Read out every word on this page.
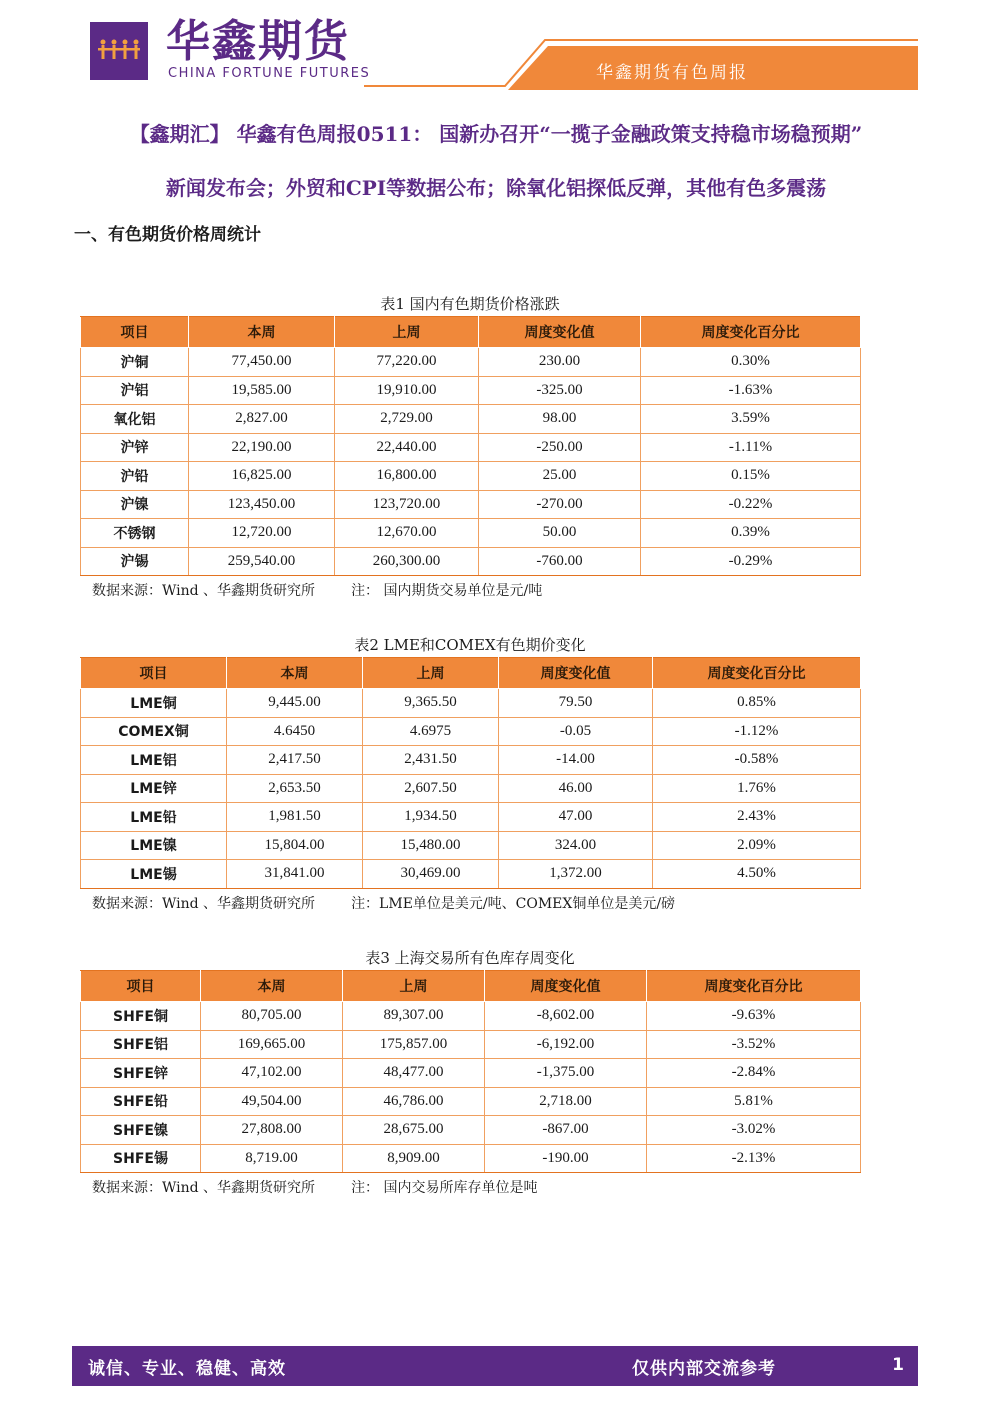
华鑫期货
CHINA FORTUNE FUTURES	华鑫期货有色周报
【鑫期汇】 华鑫有色周报0511： 国新办召开“一揽子金融政策支持稳市场稳预期”
新闻发布会；外贸和CPI等数据公布；除氧化铝探低反弹，其他有色多震荡
一、有色期货价格周统计
表1 国内有色期货价格涨跌
项目	本周	上周	周度变化值	周度变化百分比
沪铜	77,450.00	77,220.00	230.00	0.30%
沪铝	19,585.00	19,910.00	-325.00	-1.63%
氧化铝	2,827.00	2,729.00	98.00	3.59%
沪锌	22,190.00	22,440.00	-250.00	-1.11%
沪铅	16,825.00	16,800.00	25.00	0.15%
沪镍	123,450.00	123,720.00	-270.00	-0.22%
不锈钢	12,720.00	12,670.00	50.00	0.39%
沪锡	259,540.00	260,300.00	-760.00	-0.29%
数据来源：Wind 、华鑫期货研究所	注： 国内期货交易单位是元/吨
表2 LME和COMEX有色期价变化
项目	本周	上周	周度变化值	周度变化百分比
LME铜	9,445.00	9,365.50	79.50	0.85%
COMEX铜	4.6450	4.6975	-0.05	-1.12%
LME铝	2,417.50	2,431.50	-14.00	-0.58%
LME锌	2,653.50	2,607.50	46.00	1.76%
LME铅	1,981.50	1,934.50	47.00	2.43%
LME镍	15,804.00	15,480.00	324.00	2.09%
LME锡	31,841.00	30,469.00	1,372.00	4.50%
数据来源：Wind 、华鑫期货研究所	注：LME单位是美元/吨、COMEX铜单位是美元/磅
表3 上海交易所有色库存周变化
项目	本周	上周	周度变化值	周度变化百分比
SHFE铜	80,705.00	89,307.00	-8,602.00	-9.63%
SHFE铝	169,665.00	175,857.00	-6,192.00	-3.52%
SHFE锌	47,102.00	48,477.00	-1,375.00	-2.84%
SHFE铅	49,504.00	46,786.00	2,718.00	5.81%
SHFE镍	27,808.00	28,675.00	-867.00	-3.02%
SHFE锡	8,719.00	8,909.00	-190.00	-2.13%
数据来源：Wind 、华鑫期货研究所	注： 国内交易所库存单位是吨
诚信、专业、稳健、高效	仅供内部交流参考	1
